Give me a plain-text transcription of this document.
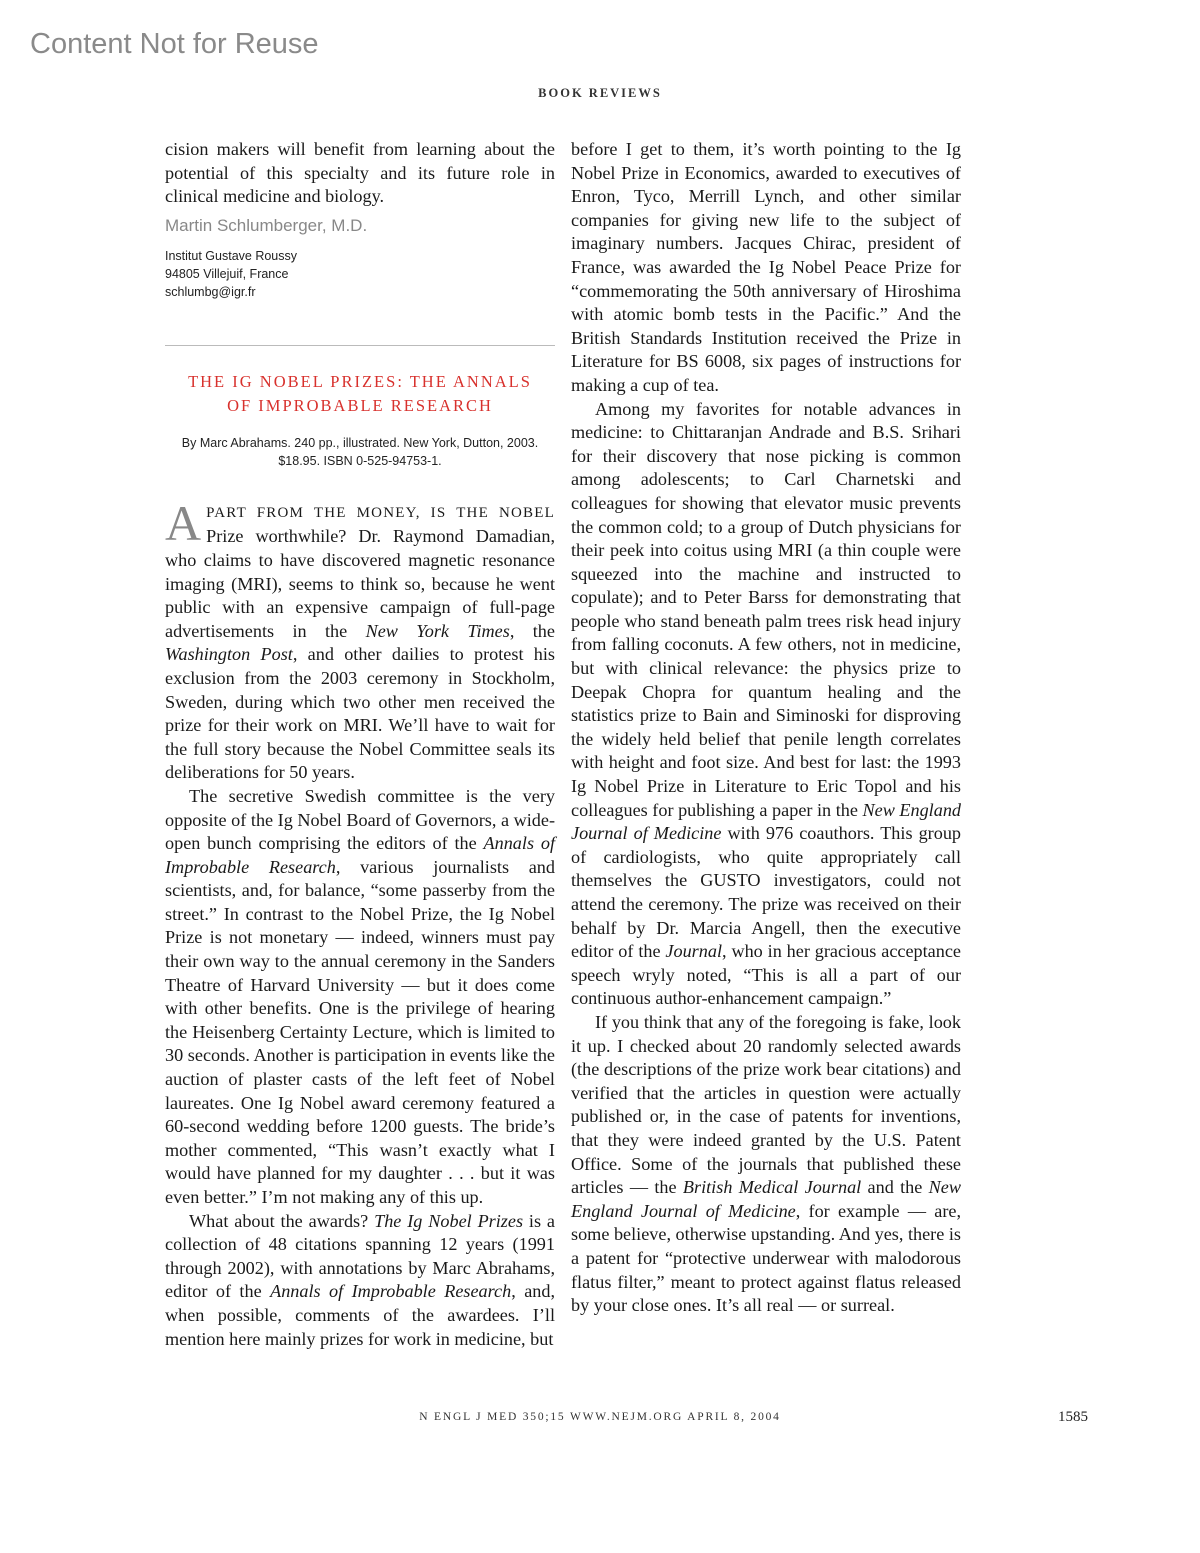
Content Not for Reuse
BOOK REVIEWS

cision makers will benefit from learning about the potential of this specialty and its future role in clinical medicine and biology.

Martin Schlumberger, M.D.

Institut Gustave Roussy
94805 Villejuif, France
schlumbg@igr.fr

THE IG NOBEL PRIZES: THE ANNALS
OF IMPROBABLE RESEARCH

By Marc Abrahams. 240 pp., illustrated. New York, Dutton, 2003.
$18.95. ISBN 0-525-94753-1.

APART FROM THE MONEY, IS THE NOBEL Prize worthwhile? Dr. Raymond Damadian, who claims to have discovered magnetic resonance imaging (MRI), seems to think so, because he went public with an expensive campaign of full-page advertisements in the New York Times, the Washington Post, and other dailies to protest his exclusion from the 2003 ceremony in Stockholm, Sweden, during which two other men received the prize for their work on MRI. We’ll have to wait for the full story because the Nobel Committee seals its deliberations for 50 years.

The secretive Swedish committee is the very opposite of the Ig Nobel Board of Governors, a wide-open bunch comprising the editors of the Annals of Improbable Research, various journalists and scientists, and, for balance, “some passerby from the street.” In contrast to the Nobel Prize, the Ig Nobel Prize is not monetary — indeed, winners must pay their own way to the annual ceremony in the Sanders Theatre of Harvard University — but it does come with other benefits. One is the privilege of hearing the Heisenberg Certainty Lecture, which is limited to 30 seconds. Another is participation in events like the auction of plaster casts of the left feet of Nobel laureates. One Ig Nobel award ceremony featured a 60-second wedding before 1200 guests. The bride’s mother commented, “This wasn’t exactly what I would have planned for my daughter . . . but it was even better.” I’m not making any of this up.

What about the awards? The Ig Nobel Prizes is a collection of 48 citations spanning 12 years (1991 through 2002), with annotations by Marc Abrahams, editor of the Annals of Improbable Research, and, when possible, comments of the awardees. I’ll mention here mainly prizes for work in medicine, but

before I get to them, it’s worth pointing to the Ig Nobel Prize in Economics, awarded to executives of Enron, Tyco, Merrill Lynch, and other similar companies for giving new life to the subject of imaginary numbers. Jacques Chirac, president of France, was awarded the Ig Nobel Peace Prize for “commemorating the 50th anniversary of Hiroshima with atomic bomb tests in the Pacific.” And the British Standards Institution received the Prize in Literature for BS 6008, six pages of instructions for making a cup of tea.

Among my favorites for notable advances in medicine: to Chittaranjan Andrade and B.S. Srihari for their discovery that nose picking is common among adolescents; to Carl Charnetski and colleagues for showing that elevator music prevents the common cold; to a group of Dutch physicians for their peek into coitus using MRI (a thin couple were squeezed into the machine and instructed to copulate); and to Peter Barss for demonstrating that people who stand beneath palm trees risk head injury from falling coconuts. A few others, not in medicine, but with clinical relevance: the physics prize to Deepak Chopra for quantum healing and the statistics prize to Bain and Siminoski for disproving the widely held belief that penile length correlates with height and foot size. And best for last: the 1993 Ig Nobel Prize in Literature to Eric Topol and his colleagues for publishing a paper in the New England Journal of Medicine with 976 coauthors. This group of cardiologists, who quite appropriately call themselves the GUSTO investigators, could not attend the ceremony. The prize was received on their behalf by Dr. Marcia Angell, then the executive editor of the Journal, who in her gracious acceptance speech wryly noted, “This is all a part of our continuous author-enhancement campaign.”

If you think that any of the foregoing is fake, look it up. I checked about 20 randomly selected awards (the descriptions of the prize work bear citations) and verified that the articles in question were actually published or, in the case of patents for inventions, that they were indeed granted by the U.S. Patent Office. Some of the journals that published these articles — the British Medical Journal and the New England Journal of Medicine, for example — are, some believe, otherwise upstanding. And yes, there is a patent for “protective underwear with malodorous flatus filter,” meant to protect against flatus released by your close ones. It’s all real — or surreal.

N ENGL J MED 350;15 WWW.NEJM.ORG APRIL 8, 2004	1585
